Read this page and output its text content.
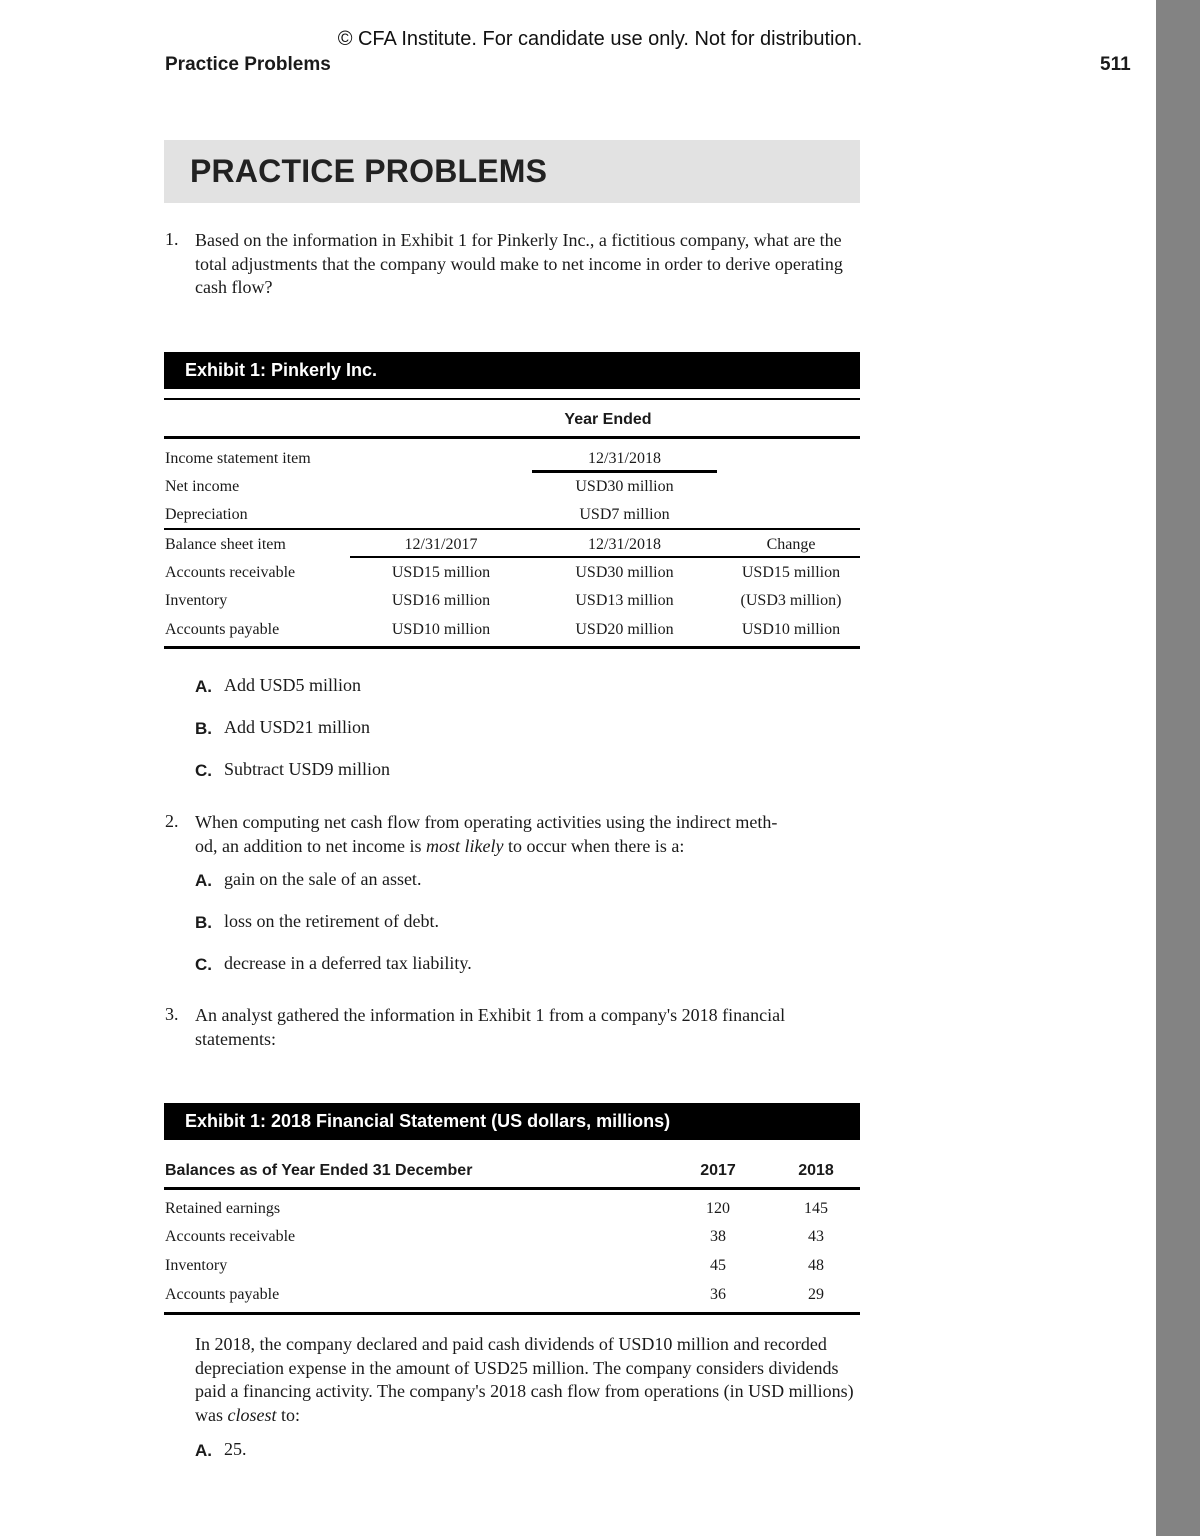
© CFA Institute. For candidate use only. Not for distribution.
Practice Problems	511
PRACTICE PROBLEMS
1. Based on the information in Exhibit 1 for Pinkerly Inc., a fictitious company, what are the total adjustments that the company would make to net income in order to derive operating cash flow?
Exhibit 1: Pinkerly Inc.
Year Ended
Income statement item	12/31/2018
Net income	USD30 million
Depreciation	USD7 million
Balance sheet item	12/31/2017	12/31/2018	Change
Accounts receivable	USD15 million	USD30 million	USD15 million
Inventory	USD16 million	USD13 million	(USD3 million)
Accounts payable	USD10 million	USD20 million	USD10 million
A. Add USD5 million
B. Add USD21 million
C. Subtract USD9 million
2. When computing net cash flow from operating activities using the indirect meth-
od, an addition to net income is most likely to occur when there is a:
A. gain on the sale of an asset.
B. loss on the retirement of debt.
C. decrease in a deferred tax liability.
3. An analyst gathered the information in Exhibit 1 from a company's 2018 financial statements:
Exhibit 1: 2018 Financial Statement (US dollars, millions)
Balances as of Year Ended 31 December	2017	2018
Retained earnings	120	145
Accounts receivable	38	43
Inventory	45	48
Accounts payable	36	29
In 2018, the company declared and paid cash dividends of USD10 million and recorded depreciation expense in the amount of USD25 million. The company considers dividends paid a financing activity. The company's 2018 cash flow from operations (in USD millions) was closest to:
A. 25.
